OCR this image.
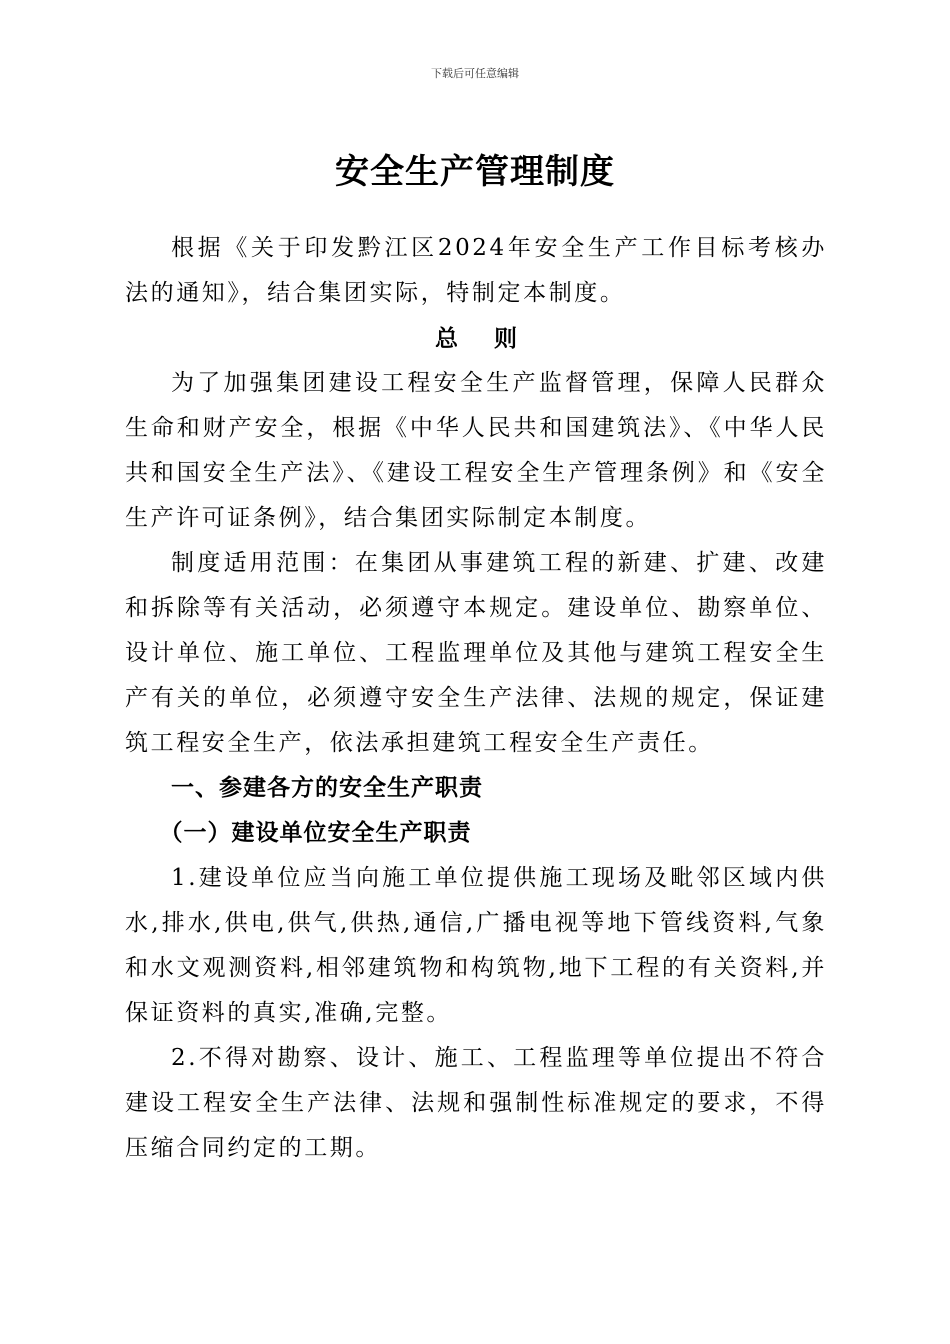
下载后可任意编辑
安全生产管理制度

根据《关于印发黔江区2024年安全生产工作目标考核办法的通知》，结合集团实际，特制定本制度。

总则

为了加强集团建设工程安全生产监督管理，保障人民群众生命和财产安全，根据《中华人民共和国建筑法》、《中华人民共和国安全生产法》、《建设工程安全生产管理条例》和《安全生产许可证条例》，结合集团实际制定本制度。

制度适用范围：在集团从事建筑工程的新建、扩建、改建和拆除等有关活动，必须遵守本规定。建设单位、勘察单位、设计单位、施工单位、工程监理单位及其他与建筑工程安全生产有关的单位，必须遵守安全生产法律、法规的规定，保证建筑工程安全生产，依法承担建筑工程安全生产责任。

一、参建各方的安全生产职责
（一）建设单位安全生产职责

1.建设单位应当向施工单位提供施工现场及毗邻区域内供水,排水,供电,供气,供热,通信,广播电视等地下管线资料,气象和水文观测资料,相邻建筑物和构筑物,地下工程的有关资料,并保证资料的真实,准确,完整。

2.不得对勘察、设计、施工、工程监理等单位提出不符合建设工程安全生产法律、法规和强制性标准规定的要求，不得压缩合同约定的工期。
